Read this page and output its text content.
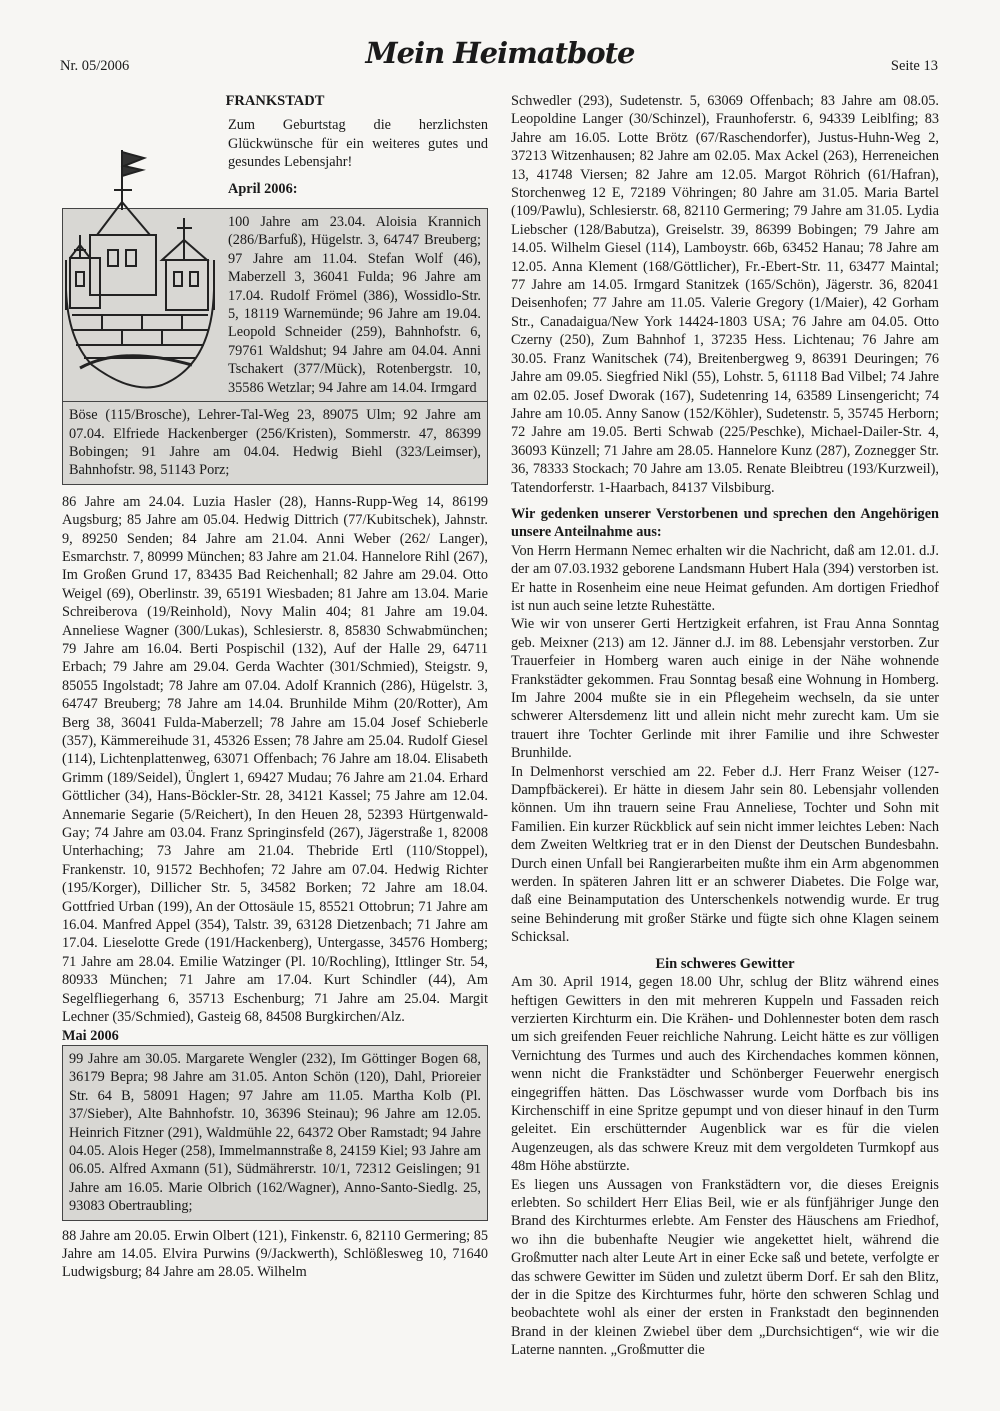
Nr. 05/2006	Mein Heimatbote	Seite 13

FRANKSTADT

Zum Geburtstag die herzlichsten Glückwünsche für ein weiteres gutes und gesundes Lebensjahr!

April 2006:

100 Jahre am 23.04. Aloisia Krannich (286/Barfuß), Hügelstr. 3, 64747 Breuberg; 97 Jahre am 11.04. Stefan Wolf (46), Maberzell 3, 36041 Fulda; 96 Jahre am 17.04. Rudolf Frömel (386), Wossidlo-Str. 5, 18119 Warnemünde; 96 Jahre am 19.04. Leopold Schneider (259), Bahnhofstr. 6, 79761 Waldshut; 94 Jahre am 04.04. Anni Tschakert (377/Mück), Rotenbergstr. 10, 35586 Wetzlar; 94 Jahre am 14.04. Irmgard

Böse (115/Brosche), Lehrer-Tal-Weg 23, 89075 Ulm; 92 Jahre am 07.04. Elfriede Hackenberger (256/Kristen), Sommerstr. 47, 86399 Bobingen; 91 Jahre am 04.04. Hedwig Biehl (323/Leimser), Bahnhofstr. 98, 51143 Porz;

86 Jahre am 24.04. Luzia Hasler (28), Hanns-Rupp-Weg 14, 86199 Augsburg; 85 Jahre am 05.04. Hedwig Dittrich (77/Kubitschek), Jahnstr. 9, 89250 Senden; 84 Jahre am 21.04. Anni Weber (262/ Langer), Esmarchstr. 7, 80999 München; 83 Jahre am 21.04. Hannelore Rihl (267), Im Großen Grund 17, 83435 Bad Reichenhall; 82 Jahre am 29.04. Otto Weigel (69), Oberlinstr. 39, 65191 Wiesbaden; 81 Jahre am 13.04. Marie Schreiberova (19/Reinhold), Novy Malin 404; 81 Jahre am 19.04. Anneliese Wagner (300/Lukas), Schlesierstr. 8, 85830 Schwabmünchen; 79 Jahre am 16.04. Berti Pospischil (132), Auf der Halle 29, 64711 Erbach; 79 Jahre am 29.04. Gerda Wachter (301/Schmied), Steigstr. 9, 85055 Ingolstadt; 78 Jahre am 07.04. Adolf Krannich (286), Hügelstr. 3, 64747 Breuberg; 78 Jahre am 14.04. Brunhilde Mihm (20/Rotter), Am Berg 38, 36041 Fulda-Maberzell; 78 Jahre am 15.04 Josef Schieberle (357), Kämmereihude 31, 45326 Essen; 78 Jahre am 25.04. Rudolf Giesel (114), Lichtenplattenweg, 63071 Offenbach; 76 Jahre am 18.04. Elisabeth Grimm (189/Seidel), Ünglert 1, 69427 Mudau; 76 Jahre am 21.04. Erhard Göttlicher (34), Hans-Böckler-Str. 28, 34121 Kassel; 75 Jahre am 12.04. Annemarie Segarie (5/Reichert), In den Heuen 28, 52393 Hürtgenwald-Gay; 74 Jahre am 03.04. Franz Springinsfeld (267), Jägerstraße 1, 82008 Unterhaching; 73 Jahre am 21.04. Thebride Ertl (110/Stoppel), Frankenstr. 10, 91572 Bechhofen; 72 Jahre am 07.04. Hedwig Richter (195/Korger), Dillicher Str. 5, 34582 Borken; 72 Jahre am 18.04. Gottfried Urban (199), An der Ottosäule 15, 85521 Ottobrun; 71 Jahre am 16.04. Manfred Appel (354), Talstr. 39, 63128 Dietzenbach; 71 Jahre am 17.04. Lieselotte Grede (191/Hackenberg), Untergasse, 34576 Homberg; 71 Jahre am 28.04. Emilie Watzinger (Pl. 10/Rochling), Ittlinger Str. 54, 80933 München; 71 Jahre am 17.04. Kurt Schindler (44), Am Segelfliegerhang 6, 35713 Eschenburg; 71 Jahre am 25.04. Margit Lechner (35/Schmied), Gasteig 68, 84508 Burgkirchen/Alz.

Mai 2006

99 Jahre am 30.05. Margarete Wengler (232), Im Göttinger Bogen 68, 36179 Bepra; 98 Jahre am 31.05. Anton Schön (120), Dahl, Prioreier Str. 64 B, 58091 Hagen; 97 Jahre am 11.05. Martha Kolb (Pl. 37/Sieber), Alte Bahnhofstr. 10, 36396 Steinau); 96 Jahre am 12.05. Heinrich Fitzner (291), Waldmühle 22, 64372 Ober Ramstadt; 94 Jahre 04.05. Alois Heger (258), Immelmannstraße 8, 24159 Kiel; 93 Jahre am 06.05. Alfred Axmann (51), Südmährerstr. 10/1, 72312 Geislingen; 91 Jahre am 16.05. Marie Olbrich (162/Wagner), Anno-Santo-Siedlg. 25, 93083 Obertraubling;

88 Jahre am 20.05. Erwin Olbert (121), Finkenstr. 6, 82110 Germering; 85 Jahre am 14.05. Elvira Purwins (9/Jackwerth), Schlößlesweg 10, 71640 Ludwigsburg; 84 Jahre am 28.05. Wilhelm

Schwedler (293), Sudetenstr. 5, 63069 Offenbach; 83 Jahre am 08.05. Leopoldine Langer (30/Schinzel), Fraunhoferstr. 6, 94339 Leiblfing; 83 Jahre am 16.05. Lotte Brötz (67/Raschendorfer), Justus-Huhn-Weg 2, 37213 Witzenhausen; 82 Jahre am 02.05. Max Ackel (263), Herreneichen 13, 41748 Viersen; 82 Jahre am 12.05. Margot Röhrich (61/Hafran), Storchenweg 12 E, 72189 Vöhringen; 80 Jahre am 31.05. Maria Bartel (109/Pawlu), Schlesierstr. 68, 82110 Germering; 79 Jahre am 31.05. Lydia Liebscher (128/Babutza), Greiselstr. 39, 86399 Bobingen; 79 Jahre am 14.05. Wilhelm Giesel (114), Lamboystr. 66b, 63452 Hanau; 78 Jahre am 12.05. Anna Klement (168/Göttlicher), Fr.-Ebert-Str. 11, 63477 Maintal; 77 Jahre am 14.05. Irmgard Stanitzek (165/Schön), Jägerstr. 36, 82041 Deisenhofen; 77 Jahre am 11.05. Valerie Gregory (1/Maier), 42 Gorham Str., Canadaigua/New York 14424-1803 USA; 76 Jahre am 04.05. Otto Czerny (250), Zum Bahnhof 1, 37235 Hess. Lichtenau; 76 Jahre am 30.05. Franz Wanitschek (74), Breitenbergweg 9, 86391 Deuringen; 76 Jahre am 09.05. Siegfried Nikl (55), Lohstr. 5, 61118 Bad Vilbel; 74 Jahre am 02.05. Josef Dworak (167), Sudetenring 14, 63589 Linsengericht; 74 Jahre am 10.05. Anny Sanow (152/Köhler), Sudetenstr. 5, 35745 Herborn; 72 Jahre am 19.05. Berti Schwab (225/Peschke), Michael-Dailer-Str. 4, 36093 Künzell; 71 Jahre am 28.05. Hannelore Kunz (287), Zoznegger Str. 36, 78333 Stockach; 70 Jahre am 13.05. Renate Bleibtreu (193/Kurzweil), Tatendorferstr. 1-Haarbach, 84137 Vilsbiburg.

Wir gedenken unserer Verstorbenen und sprechen den Angehörigen unsere Anteilnahme aus:

Von Herrn Hermann Nemec erhalten wir die Nachricht, daß am 12.01. d.J. der am 07.03.1932 geborene Landsmann Hubert Hala (394) verstorben ist. Er hatte in Rosenheim eine neue Heimat gefunden. Am dortigen Friedhof ist nun auch seine letzte Ruhestätte.

Wie wir von unserer Gerti Hertzigkeit erfahren, ist Frau Anna Sonntag geb. Meixner (213) am 12. Jänner d.J. im 88. Lebensjahr verstorben. Zur Trauerfeier in Homberg waren auch einige in der Nähe wohnende Frankstädter gekommen. Frau Sonntag besaß eine Wohnung in Homberg. Im Jahre 2004 mußte sie in ein Pflegeheim wechseln, da sie unter schwerer Altersdemenz litt und allein nicht mehr zurecht kam. Um sie trauert ihre Tochter Gerlinde mit ihrer Familie und ihre Schwester Brunhilde.

In Delmenhorst verschied am 22. Feber d.J. Herr Franz Weiser (127-Dampfbäckerei). Er hätte in diesem Jahr sein 80. Lebensjahr vollenden können. Um ihn trauern seine Frau Anneliese, Tochter und Sohn mit Familien. Ein kurzer Rückblick auf sein nicht immer leichtes Leben: Nach dem Zweiten Weltkrieg trat er in den Dienst der Deutschen Bundesbahn. Durch einen Unfall bei Rangierarbeiten mußte ihm ein Arm abgenommen werden. In späteren Jahren litt er an schwerer Diabetes. Die Folge war, daß eine Beinamputation des Unterschenkels notwendig wurde. Er trug seine Behinderung mit großer Stärke und fügte sich ohne Klagen seinem Schicksal.

Ein schweres Gewitter

Am 30. April 1914, gegen 18.00 Uhr, schlug der Blitz während eines heftigen Gewitters in den mit mehreren Kuppeln und Fassaden reich verzierten Kirchturm ein. Die Krähen- und Dohlennester boten dem rasch um sich greifenden Feuer reichliche Nahrung. Leicht hätte es zur völligen Vernichtung des Turmes und auch des Kirchendaches kommen können, wenn nicht die Frankstädter und Schönberger Feuerwehr energisch eingegriffen hätten. Das Löschwasser wurde vom Dorfbach bis ins Kirchenschiff in eine Spritze gepumpt und von dieser hinauf in den Turm geleitet. Ein erschütternder Augenblick war es für die vielen Augenzeugen, als das schwere Kreuz mit dem vergoldeten Turmkopf aus 48m Höhe abstürzte.

Es liegen uns Aussagen von Frankstädtern vor, die dieses Ereignis erlebten. So schildert Herr Elias Beil, wie er als fünfjähriger Junge den Brand des Kirchturmes erlebte. Am Fenster des Häuschens am Friedhof, wo ihn die bubenhafte Neugier wie angekettet hielt, während die Großmutter nach alter Leute Art in einer Ecke saß und betete, verfolgte er das schwere Gewitter im Süden und zuletzt überm Dorf. Er sah den Blitz, der in die Spitze des Kirchturmes fuhr, hörte den schweren Schlag und beobachtete wohl als einer der ersten in Frankstadt den beginnenden Brand in der kleinen Zwiebel über dem „Durchsichtigen“, wie wir die Laterne nannten. „Großmutter die
